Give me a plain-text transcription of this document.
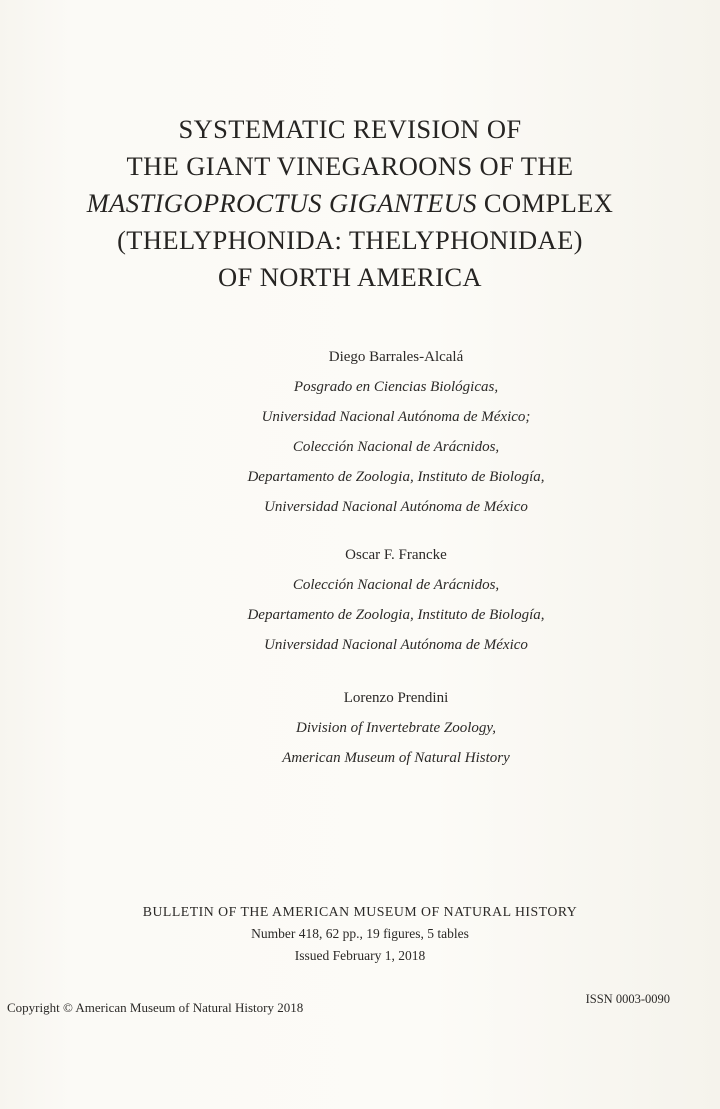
SYSTEMATIC REVISION OF
THE GIANT VINEGAROONS OF THE
MASTIGOPROCTUS GIGANTEUS COMPLEX
(THELYPHONIDA: THELYPHONIDAE)
OF NORTH AMERICA
Diego Barrales-Alcalá
Posgrado en Ciencias Biológicas,
Universidad Nacional Autónoma de México;
Colección Nacional de Arácnidos,
Departamento de Zoologia, Instituto de Biología,
Universidad Nacional Autónoma de México
Oscar F. Francke
Colección Nacional de Arácnidos,
Departamento de Zoologia, Instituto de Biología,
Universidad Nacional Autónoma de México
Lorenzo Prendini
Division of Invertebrate Zoology,
American Museum of Natural History
BULLETIN OF THE AMERICAN MUSEUM OF NATURAL HISTORY
Number 418, 62 pp., 19 figures, 5 tables
Issued February 1, 2018
Copyright © American Museum of Natural History 2018
ISSN 0003-0090
